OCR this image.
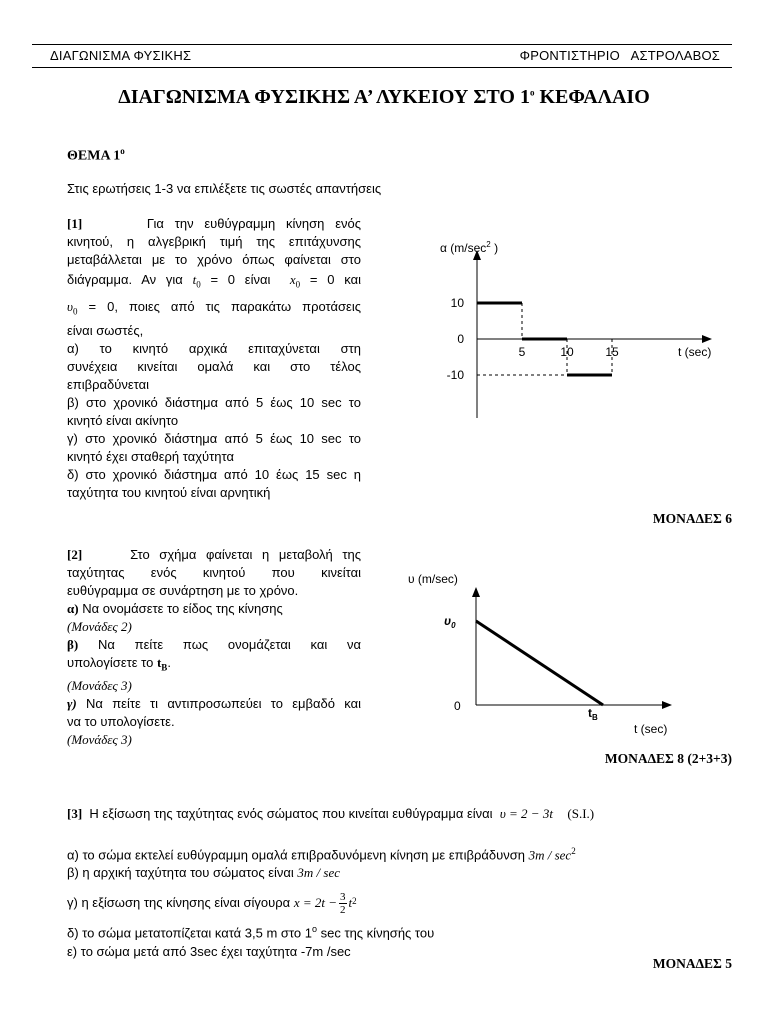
ΔΙΑΓΩΝΙΣΜΑ ΦΥΣΙΚΗΣ	ΦΡΟΝΤΙΣΤΗΡΙΟ   ΑΣΤΡΟΛΑΒΟΣ
ΔΙΑΓΩΝΙΣΜΑ ΦΥΣΙΚΗΣ Α’ ΛΥΚΕΙΟΥ ΣΤΟ $1^o$ ΚΕΦΑΛΑΙΟ
ΘΕΜΑ $1^o$
Στις ερωτήσεις 1-3 να επιλέξετε τις σωστές απαντήσεις
[1]	Για την ευθύγραμμη κίνηση ενός
κινητού, η αλγεβρική τιμή της επιτάχυνσης
μεταβάλλεται με το χρόνο όπως φαίνεται στο
διάγραμμα. Αν για $t_0 = 0$ είναι $x_0 = 0$ και
$\upsilon_0 = 0$, ποιες από τις παρακάτω προτάσεις
είναι σωστές,
α) το κινητό αρχικά επιταχύνεται στη
συνέχεια κινείται ομαλά και στο τέλος
επιβραδύνεται
β) στο χρονικό διάστημα από 5 έως 10 sec το
κινητό είναι ακίνητο
γ) στο χρονικό διάστημα από 5 έως 10 sec το
κινητό έχει σταθερή ταχύτητα
δ) στο χρονικό διάστημα από 10 έως 15 sec η
ταχύτητα του κινητού είναι αρνητική
α ($m/\sec^2$ )
t (sec)
10
0
-10
5	10	15
ΜΟΝΑΔΕΣ 6
[2]	Στο σχήμα φαίνεται η μεταβολή της
ταχύτητας ενός κινητού που κινείται
ευθύγραμμα σε συνάρτηση με το χρόνο.
α) Να ονομάσετε το είδος της κίνησης
(Μονάδες 2)
β) Να πείτε πως ονομάζεται και να
υπολογίσετε το $t_B$.
(Μονάδες 3)
γ) Να πείτε τι αντιπροσωπεύει το εμβαδό και
να το υπολογίσετε.
(Μονάδες 3)
υ (m/sec)
t (sec)
$\upsilon_0$
0	$t_B$
ΜΟΝΑΔΕΣ 8 (2+3+3)
[3] Η εξίσωση της ταχύτητας ενός σώματος που κινείται ευθύγραμμα είναι υ = 2 − 3t (S.I.)
α) το σώμα εκτελεί ευθύγραμμη ομαλά επιβραδυνόμενη κίνηση με επιβράδυνση $3m / \sec^2$
β) η αρχική ταχύτητα του σώματος είναι 3m / sec
γ) η εξίσωση της κίνησης είναι σίγουρα
$x = 2t - \frac{3}{2}$ t 2
δ) το σώμα μετατοπίζεται κατά 3,5 m στο $1^o$ sec της κίνησής του
ε) το σώμα μετά από 3sec έχει ταχύτητα -7m /sec
ΜΟΝΑΔΕΣ 5
